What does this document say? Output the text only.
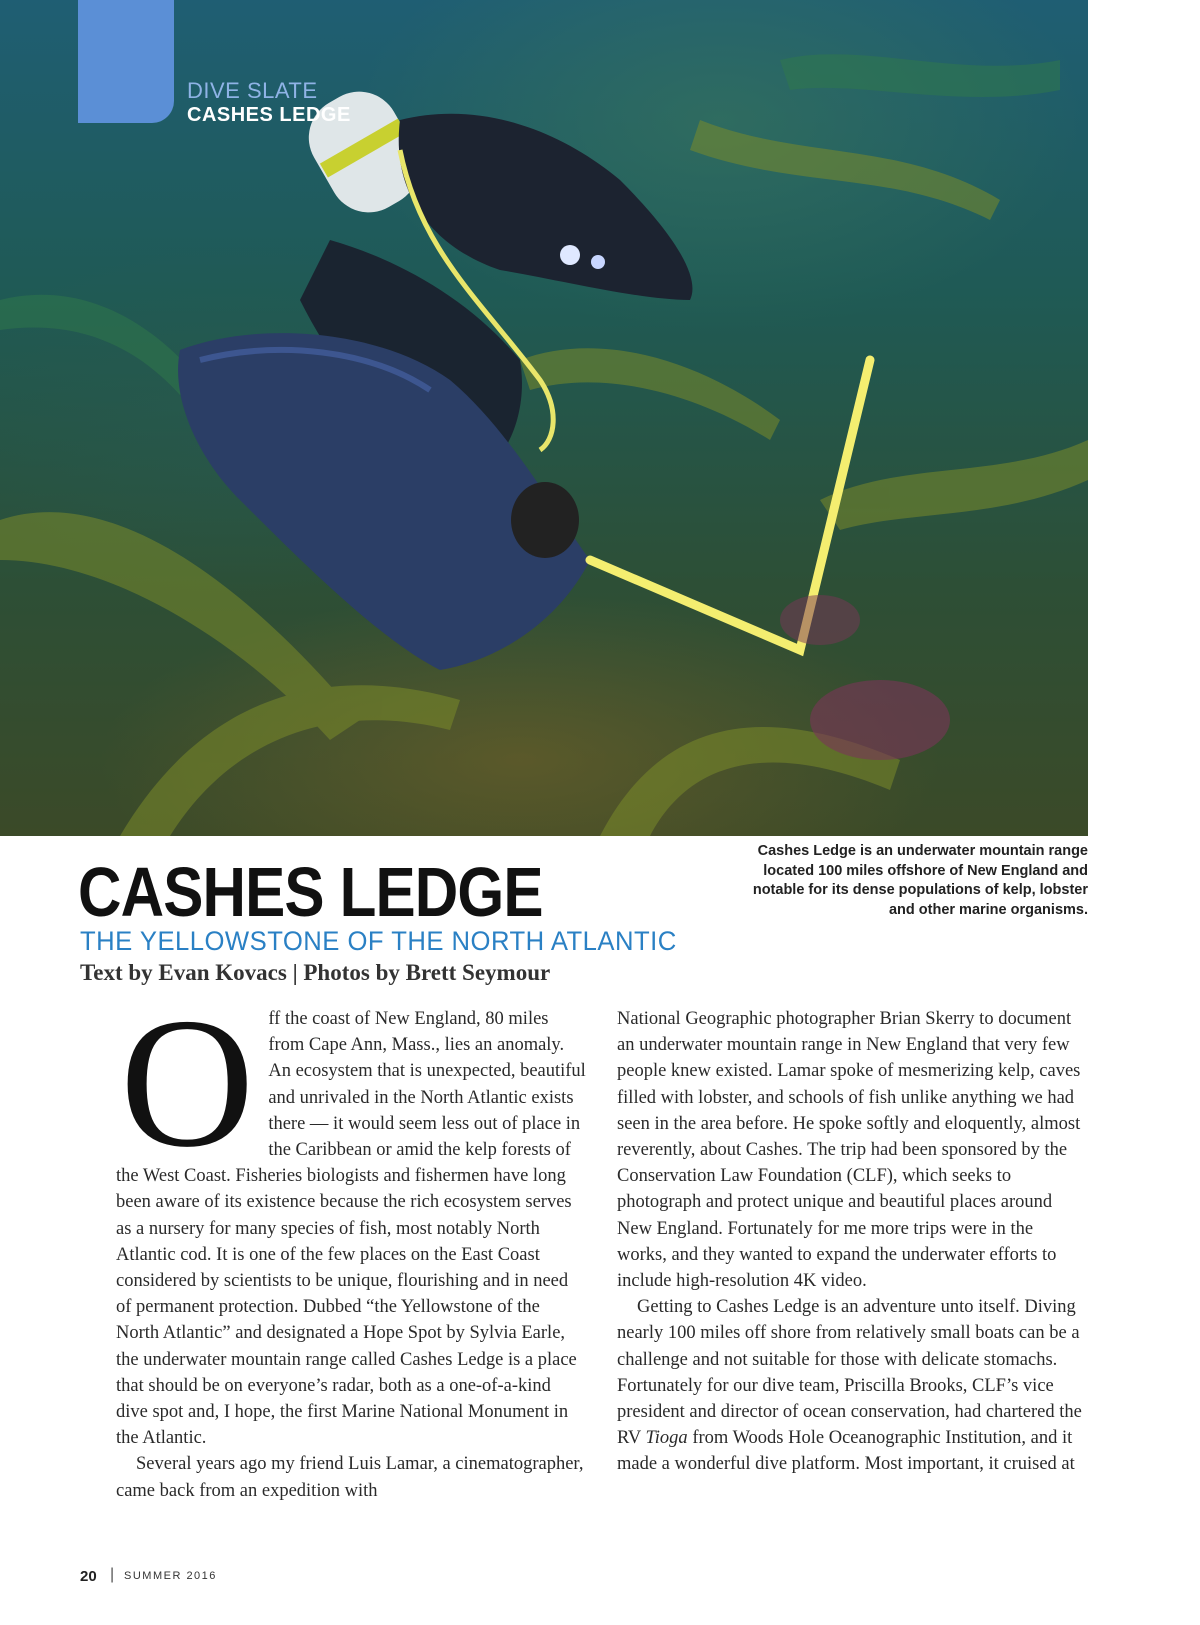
DIVE SLATE
CASHES LEDGE
Cashes Ledge is an underwater mountain range located 100 miles offshore of New England and notable for its dense populations of kelp, lobster and other marine organisms.
CASHES LEDGE
THE YELLOWSTONE OF THE NORTH ATLANTIC
Text by Evan Kovacs | Photos by Brett Seymour

Off the coast of New England, 80 miles from Cape Ann, Mass., lies an anomaly. An ecosystem that is unexpected, beautiful and unrivaled in the North Atlantic exists there — it would seem less out of place in the Caribbean or amid the kelp forests of the West Coast. Fisheries biologists and fishermen have long been aware of its existence because the rich ecosystem serves as a nursery for many species of fish, most notably North Atlantic cod. It is one of the few places on the East Coast considered by scientists to be unique, flourishing and in need of permanent protection. Dubbed “the Yellowstone of the North Atlantic” and designated a Hope Spot by Sylvia Earle, the underwater mountain range called Cashes Ledge is a place that should be on everyone’s radar, both as a one-of-a-kind dive spot and, I hope, the first Marine National Monument in the Atlantic.

Several years ago my friend Luis Lamar, a cinematographer, came back from an expedition with

National Geographic photographer Brian Skerry to document an underwater mountain range in New England that very few people knew existed. Lamar spoke of mesmerizing kelp, caves filled with lobster, and schools of fish unlike anything we had seen in the area before. He spoke softly and eloquently, almost reverently, about Cashes. The trip had been sponsored by the Conservation Law Foundation (CLF), which seeks to photograph and protect unique and beautiful places around New England. Fortunately for me more trips were in the works, and they wanted to expand the underwater efforts to include high-resolution 4K video.

Getting to Cashes Ledge is an adventure unto itself. Diving nearly 100 miles off shore from relatively small boats can be a challenge and not suitable for those with delicate stomachs. Fortunately for our dive team, Priscilla Brooks, CLF’s vice president and director of ocean conservation, had chartered the RV Tioga from Woods Hole Oceanographic Institution, and it made a wonderful dive platform. Most important, it cruised at

20 | SUMMER 2016
